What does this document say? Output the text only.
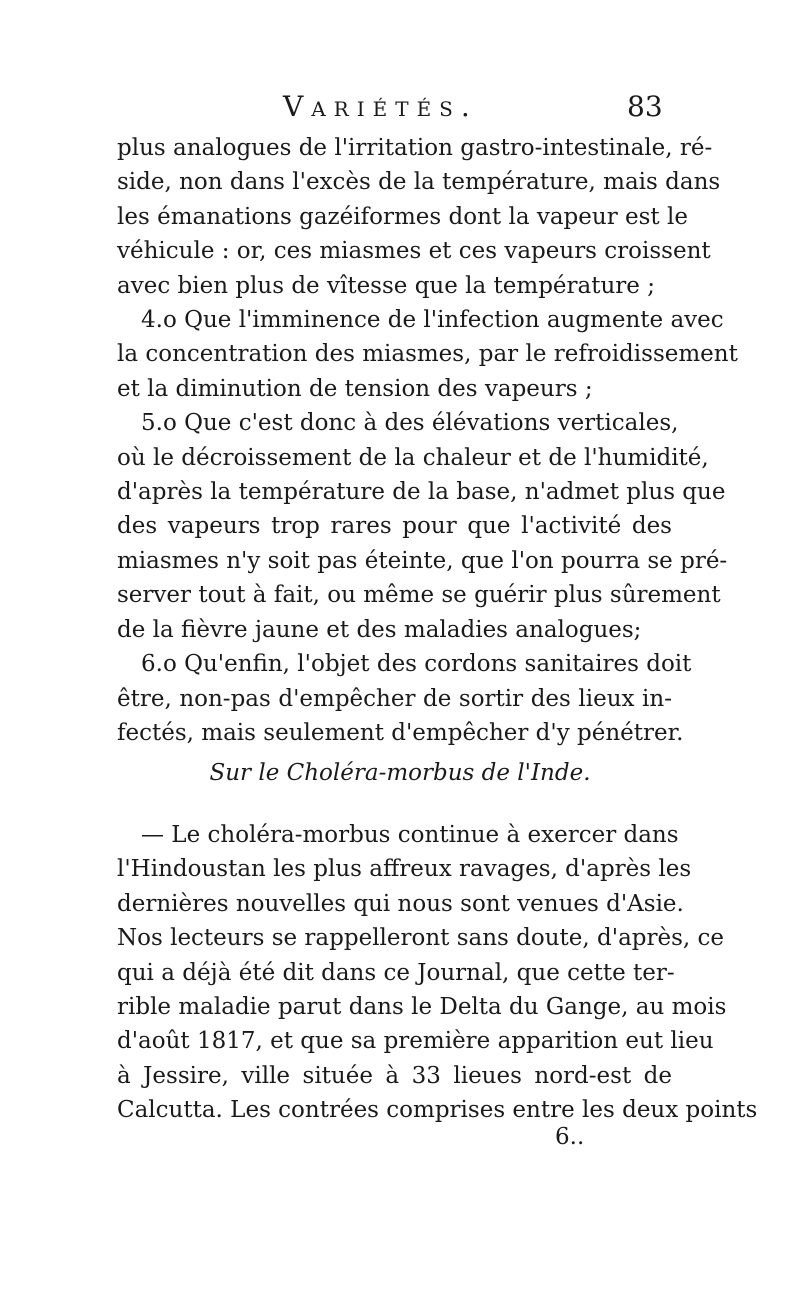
Variétés.	83

plus analogues de l'irritation gastro-intestinale, ré-
side, non dans l'excès de la température, mais dans
les émanations gazéiformes dont la vapeur est le
véhicule : or, ces miasmes et ces vapeurs croissent
avec bien plus de vîtesse que la température ;

4.o Que l'imminence de l'infection augmente avec
la concentration des miasmes, par le refroidissement
et la diminution de tension des vapeurs ;

5.o Que c'est donc à des élévations verticales,
où le décroissement de la chaleur et de l'humidité,
d'après la température de la base, n'admet plus que
des vapeurs trop rares pour que l'activité des
miasmes n'y soit pas éteinte, que l'on pourra se pré-
server tout à fait, ou même se guérir plus sûrement
de la fièvre jaune et des maladies analogues;

6.o Qu'enfin, l'objet des cordons sanitaires doit
être, non-pas d'empêcher de sortir des lieux in-
fectés, mais seulement d'empêcher d'y pénétrer.

Sur le Choléra-morbus de l'Inde.

— Le choléra-morbus continue à exercer dans
l'Hindoustan les plus affreux ravages, d'après les
dernières nouvelles qui nous sont venues d'Asie.
Nos lecteurs se rappelleront sans doute, d'après, ce
qui a déjà été dit dans ce Journal, que cette ter-
rible maladie parut dans le Delta du Gange, au mois
d'août 1817, et que sa première apparition eut lieu
à Jessire, ville située à 33 lieues nord-est de
Calcutta. Les contrées comprises entre les deux points

6..
